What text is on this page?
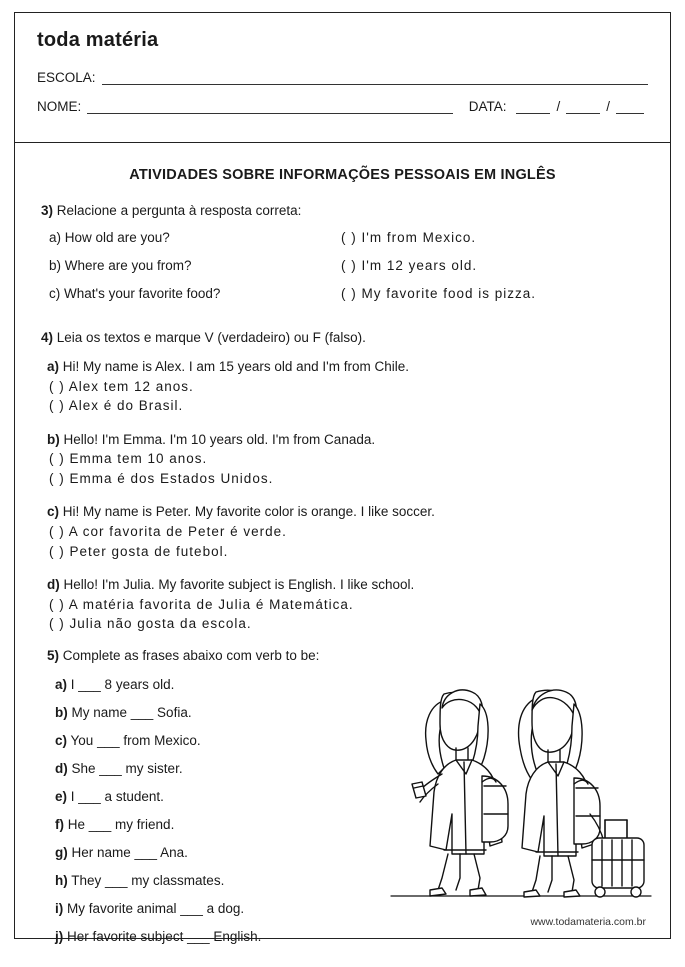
toda matéria
ESCOLA:
NOME:	DATA:	/	/
ATIVIDADES SOBRE INFORMAÇÕES PESSOAIS EM INGLÊS
3) Relacione a pergunta à resposta correta:
a) How old are you?	( ) I'm from Mexico.
b) Where are you from?	( ) I'm 12 years old.
c) What's your favorite food?	( ) My favorite food is pizza.
4) Leia os textos e marque V (verdadeiro) ou F (falso).
a) Hi! My name is Alex. I am 15 years old and I'm from Chile.
( ) Alex tem 12 anos.
( ) Alex é do Brasil.
b) Hello! I'm Emma. I'm 10 years old. I'm from Canada.
( ) Emma tem 10 anos.
( ) Emma é dos Estados Unidos.
c) Hi! My name is Peter. My favorite color is orange. I like soccer.
( ) A cor favorita de Peter é verde.
( ) Peter gosta de futebol.
d) Hello! I'm Julia. My favorite subject is English. I like school.
( ) A matéria favorita de Julia é Matemática.
( ) Julia não gosta da escola.
5) Complete as frases abaixo com verb to be:
a) I ___ 8 years old.
b) My name ___ Sofia.
c) You ___ from Mexico.
d) She ___ my sister.
e) I ___ a student.
f) He ___ my friend.
g) Her name ___ Ana.
h) They ___ my classmates.
i) My favorite animal ___ a dog.
j) Her favorite subject ___ English.
www.todamateria.com.br
